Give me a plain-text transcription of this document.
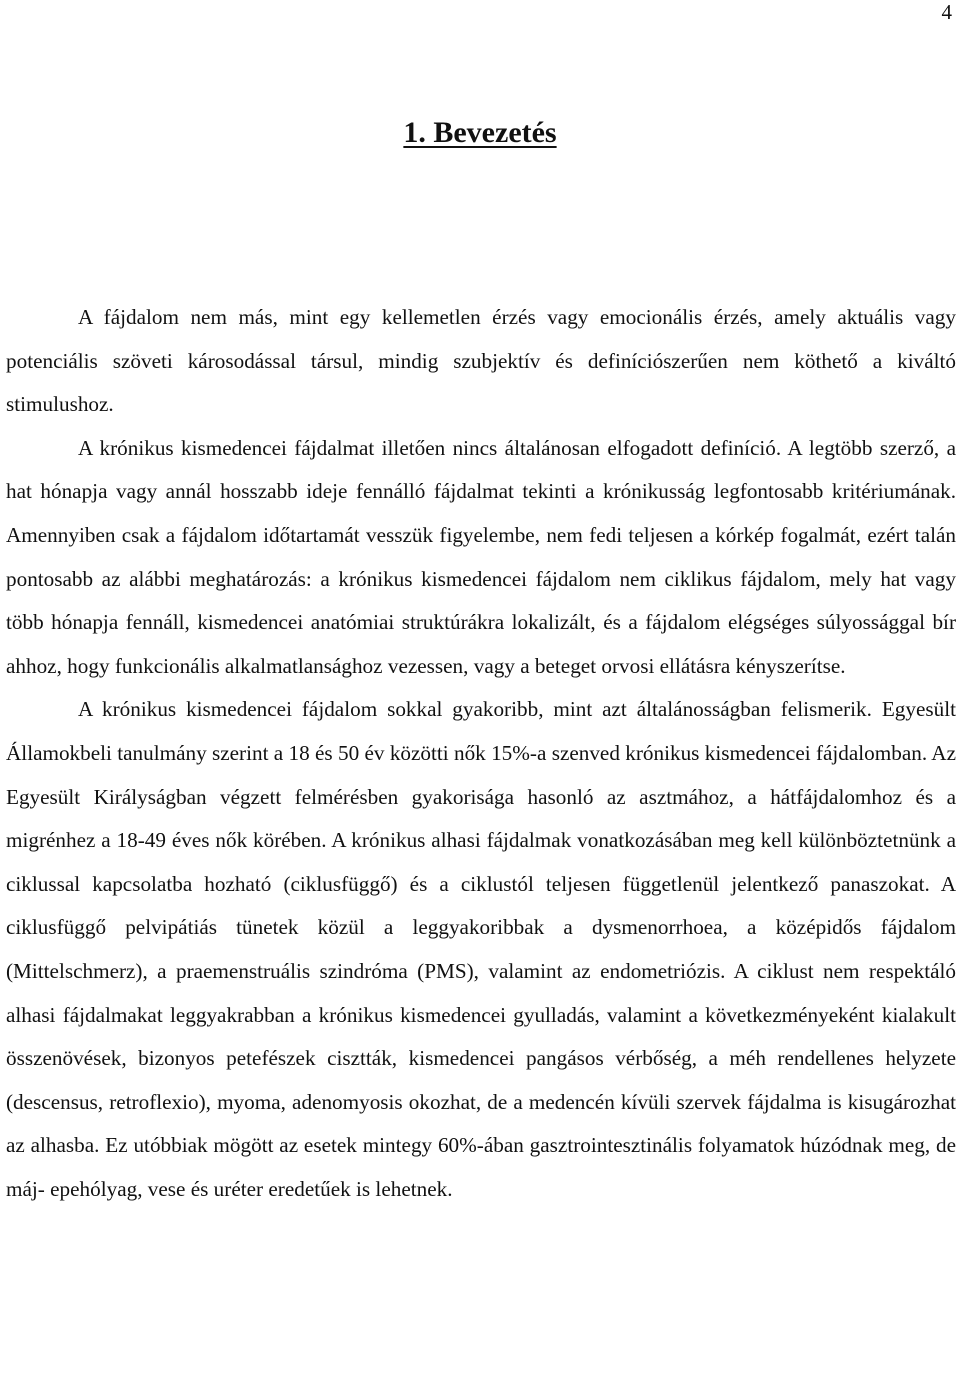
4
1. Bevezetés

A fájdalom nem más, mint egy kellemetlen érzés vagy emocionális érzés, amely aktuális vagy potenciális szöveti károsodással társul, mindig szubjektív és definíciószerűen nem köthető a kiváltó stimulushoz.

A krónikus kismedencei fájdalmat illetően nincs általánosan elfogadott definíció. A legtöbb szerző, a hat hónapja vagy annál hosszabb ideje fennálló fájdalmat tekinti a krónikusság legfontosabb kritériumának. Amennyiben csak a fájdalom időtartamát vesszük figyelembe, nem fedi teljesen a kórkép fogalmát, ezért talán pontosabb az alábbi meghatározás: a krónikus kismedencei fájdalom nem ciklikus fájdalom, mely hat vagy több hónapja fennáll, kismedencei anatómiai struktúrákra lokalizált, és a fájdalom elégséges súlyossággal bír ahhoz, hogy funkcionális alkalmatlansághoz vezessen, vagy a beteget orvosi ellátásra kényszerítse.

A krónikus kismedencei fájdalom sokkal gyakoribb, mint azt általánosságban felismerik. Egyesült Államokbeli tanulmány szerint a 18 és 50 év közötti nők 15%-a szenved krónikus kismedencei fájdalomban. Az Egyesült Királyságban végzett felmérésben gyakorisága hasonló az asztmához, a hátfájdalomhoz és a migrénhez a 18-49 éves nők körében. A krónikus alhasi fájdalmak vonatkozásában meg kell különböztetnünk a ciklussal kapcsolatba hozható (ciklusfüggő) és a ciklustól teljesen függetlenül jelentkező panaszokat. A ciklusfüggő pelvipátiás tünetek közül a leggyakoribbak a dysmenorrhoea, a középidős fájdalom (Mittelschmerz), a praemenstruális szindróma (PMS), valamint az endometriózis. A ciklust nem respektáló alhasi fájdalmakat leggyakrabban a krónikus kismedencei gyulladás, valamint a következményeként kialakult összenövések, bizonyos petefészek cisztták, kismedencei pangásos vérbőség, a méh rendellenes helyzete (descensus, retroflexio), myoma, adenomyosis okozhat, de a medencén kívüli szervek fájdalma is kisugározhat az alhasba. Ez utóbbiak mögött az esetek mintegy 60%-ában gasztrointesztinális folyamatok húzódnak meg, de máj- epehólyag, vese és uréter eredetűek is lehetnek.
